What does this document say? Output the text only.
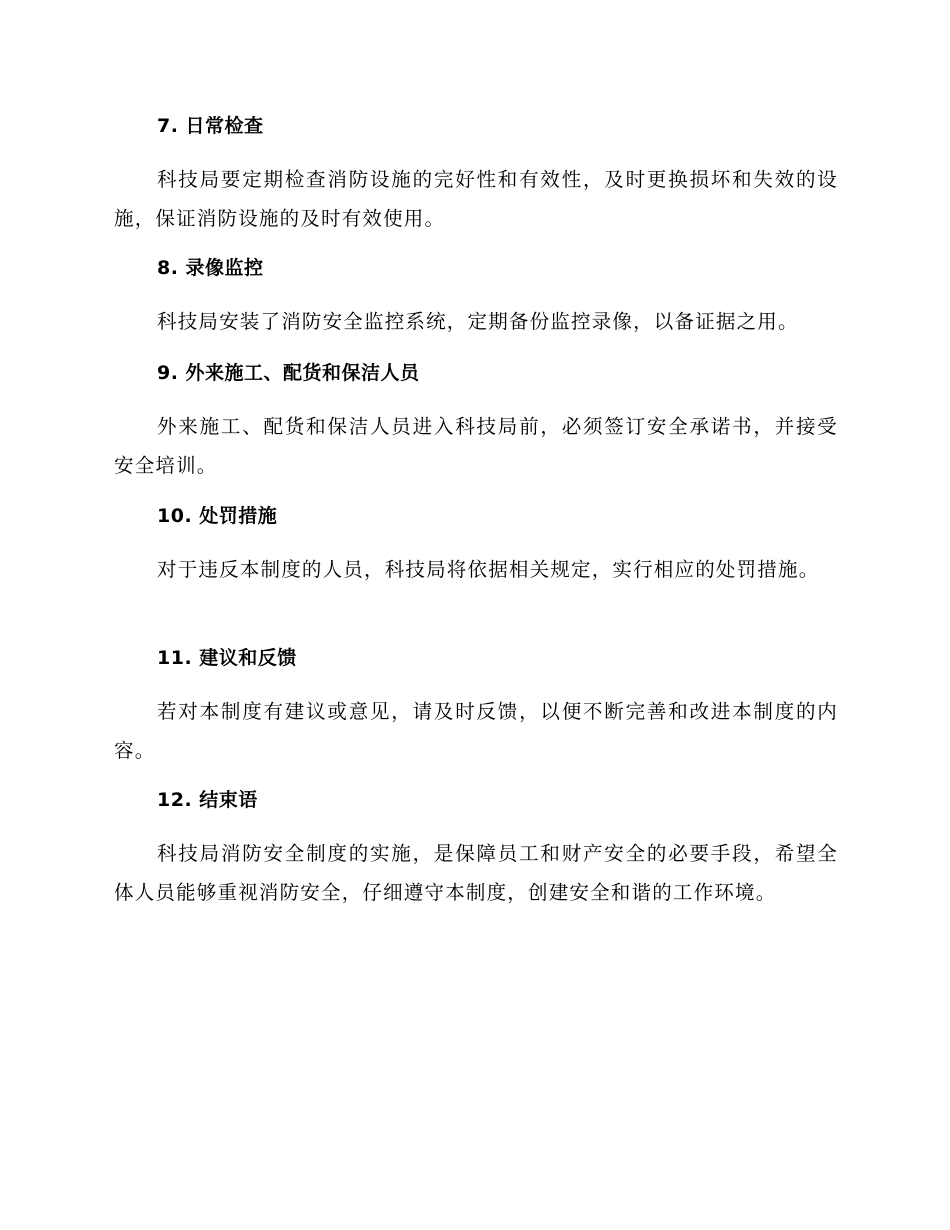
7. 日常检查
科技局要定期检查消防设施的完好性和有效性，及时更换损坏和失效的设施，保证消防设施的及时有效使用。
8. 录像监控
科技局安装了消防安全监控系统，定期备份监控录像，以备证据之用。
9. 外来施工、配货和保洁人员
外来施工、配货和保洁人员进入科技局前，必须签订安全承诺书，并接受安全培训。
10. 处罚措施
对于违反本制度的人员，科技局将依据相关规定，实行相应的处罚措施。
11. 建议和反馈
若对本制度有建议或意见，请及时反馈，以便不断完善和改进本制度的内容。
12. 结束语
科技局消防安全制度的实施，是保障员工和财产安全的必要手段，希望全体人员能够重视消防安全，仔细遵守本制度，创建安全和谐的工作环境。
